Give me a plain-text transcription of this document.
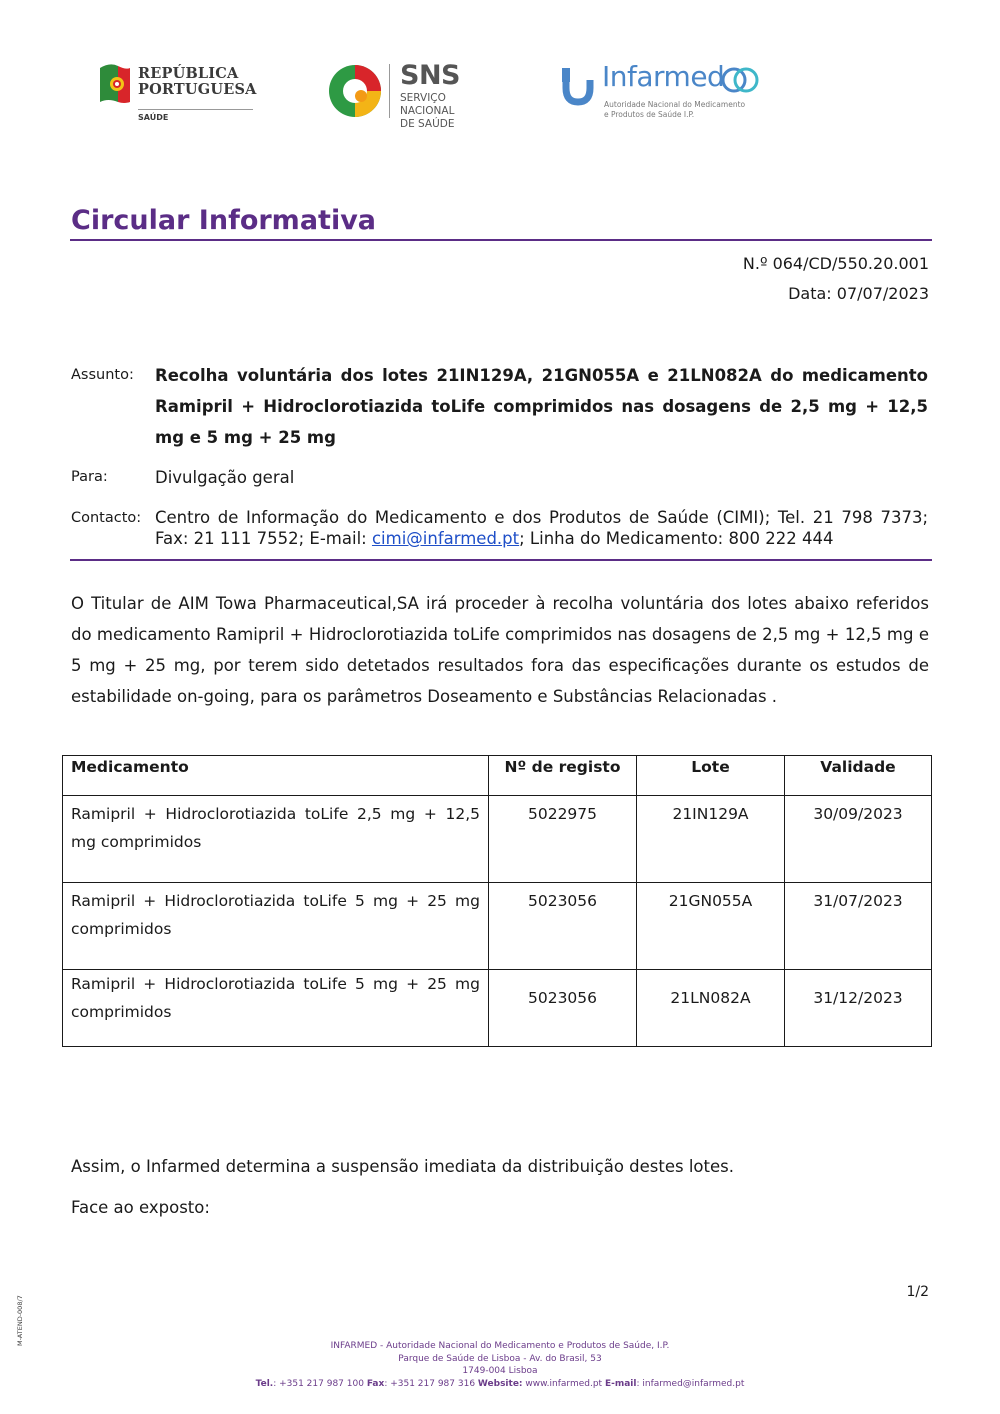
REPÚBLICA
PORTUGUESA
SAÚDE
SNS
SERVIÇO NACIONAL
DE SAÚDE
Infarmed
Autoridade Nacional do Medicamento
e Produtos de Saúde I.P.
Circular Informativa
N.º 064/CD/550.20.001
Data: 07/07/2023
Assunto: Recolha voluntária dos lotes 21IN129A, 21GN055A e 21LN082A do medicamento Ramipril + Hidroclorotiazida toLife comprimidos nas dosagens de 2,5 mg + 12,5 mg e 5 mg + 25 mg
Para:	Divulgação geral
Contacto: Centro de Informação do Medicamento e dos Produtos de Saúde (CIMI); Tel. 21 798 7373; Fax: 21 111 7552; E-mail: cimi@infarmed.pt; Linha do Medicamento: 800 222 444
O Titular de AIM Towa Pharmaceutical,SA irá proceder à recolha voluntária dos lotes abaixo referidos do medicamento Ramipril + Hidroclorotiazida toLife comprimidos nas dosagens de 2,5 mg + 12,5 mg e 5 mg + 25 mg, por terem sido detetados resultados fora das especificações durante os estudos de estabilidade on-going, para os parâmetros Doseamento e Substâncias Relacionadas .
Medicamento	Nº de registo	Lote	Validade
Ramipril + Hidroclorotiazida toLife 2,5 mg + 12,5 mg comprimidos	5022975	21IN129A	30/09/2023
Ramipril + Hidroclorotiazida toLife 5 mg + 25 mg comprimidos	5023056	21GN055A	31/07/2023
Ramipril + Hidroclorotiazida toLife 5 mg + 25 mg comprimidos	5023056	21LN082A	31/12/2023
Assim, o Infarmed determina a suspensão imediata da distribuição destes lotes.
Face ao exposto:
1/2
M-ATEND-008/7	INFARMED - Autoridade Nacional do Medicamento e Produtos de Saúde, I.P.
Parque de Saúde de Lisboa - Av. do Brasil, 53
1749-004 Lisboa
Tel.: +351 217 987 100 Fax: +351 217 987 316 Website: www.infarmed.pt E-mail: infarmed@infarmed.pt
